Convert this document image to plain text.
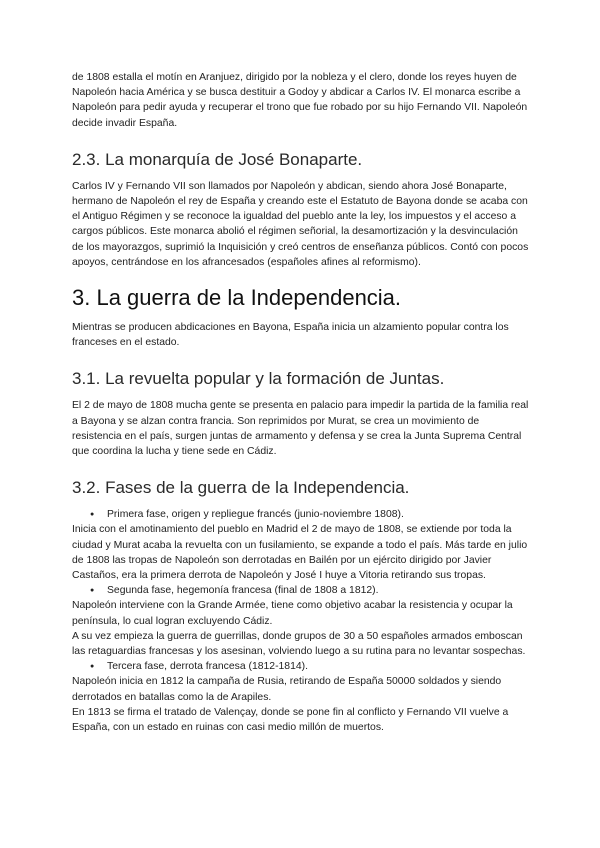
de 1808 estalla el motín en Aranjuez, dirigido por la nobleza y el clero, donde los reyes huyen de Napoleón hacia América y se busca destituir a Godoy y abdicar a Carlos IV. El monarca escribe a Napoleón para pedir ayuda y recuperar el trono que fue robado por su hijo Fernando VII. Napoleón decide invadir España.

2.3. La monarquía de José Bonaparte.

Carlos IV y Fernando VII son llamados por Napoleón y abdican, siendo ahora José Bonaparte, hermano de Napoleón el rey de España y creando este el Estatuto de Bayona donde se acaba con el Antiguo Régimen y se reconoce la igualdad del pueblo ante la ley, los impuestos y el acceso a cargos públicos. Este monarca abolió el régimen señorial, la desamortización y la desvinculación de los mayorazgos, suprimió la Inquisición y creó centros de enseñanza públicos. Contó con pocos apoyos, centrándose en los afrancesados (españoles afines al reformismo).

3. La guerra de la Independencia.

Mientras se producen abdicaciones en Bayona, España inicia un alzamiento popular contra los franceses en el estado.

3.1. La revuelta popular y la formación de Juntas.

El 2 de mayo de 1808 mucha gente se presenta en palacio para impedir la partida de la familia real a Bayona y se alzan contra francia. Son reprimidos por Murat, se crea un movimiento de resistencia en el país, surgen juntas de armamento y defensa y se crea la Junta Suprema Central que coordina la lucha y tiene sede en Cádiz.

3.2. Fases de la guerra de la Independencia.
● Primera fase, origen y repliegue francés (junio-noviembre 1808).

Inicia con el amotinamiento del pueblo en Madrid el 2 de mayo de 1808, se extiende por toda la ciudad y Murat acaba la revuelta con un fusilamiento, se expande a todo el país. Más tarde en julio de 1808 las tropas de Napoleón son derrotadas en Bailén por un ejército dirigido por Javier Castaños, era la primera derrota de Napoleón y José I huye a Vitoria retirando sus tropas.

● Segunda fase, hegemonía francesa (final de 1808 a 1812).

Napoleón interviene con la Grande Armée, tiene como objetivo acabar la resistencia y ocupar la península, lo cual logran excluyendo Cádiz.

A su vez empieza la guerra de guerrillas, donde grupos de 30 a 50 españoles armados emboscan las retaguardias francesas y los asesinan, volviendo luego a su rutina para no levantar sospechas.

● Tercera fase, derrota francesa (1812-1814).

Napoleón inicia en 1812 la campaña de Rusia, retirando de España 50000 soldados y siendo derrotados en batallas como la de Arapiles.

En 1813 se firma el tratado de Valençay, donde se pone fin al conflicto y Fernando VII vuelve a España, con un estado en ruinas con casi medio millón de muertos.
